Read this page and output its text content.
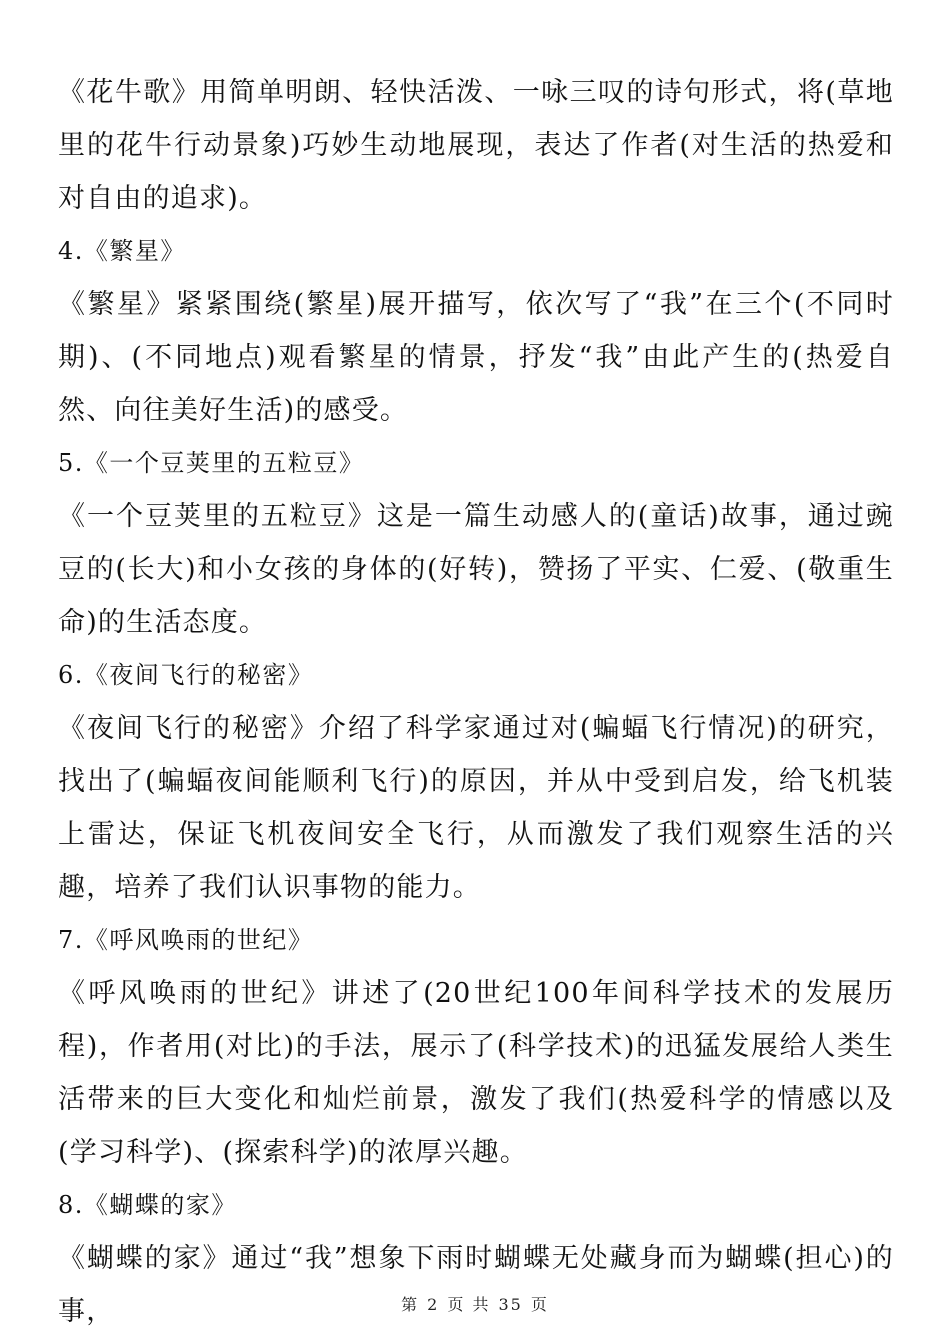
《花牛歌》用简单明朗、轻快活泼、一咏三叹的诗句形式，将(草地里的花牛行动景象)巧妙生动地展现，表达了作者(对生活的热爱和对自由的追求)。

4.《繁星》

《繁星》紧紧围绕(繁星)展开描写，依次写了“我”在三个(不同时期)、(不同地点)观看繁星的情景，抒发“我”由此产生的(热爱自然、向往美好生活)的感受。

5.《一个豆荚里的五粒豆》

《一个豆荚里的五粒豆》这是一篇生动感人的(童话)故事，通过豌豆的(长大)和小女孩的身体的(好转)，赞扬了平实、仁爱、(敬重生命)的生活态度。

6.《夜间飞行的秘密》

《夜间飞行的秘密》介绍了科学家通过对(蝙蝠飞行情况)的研究，找出了(蝙蝠夜间能顺利飞行)的原因，并从中受到启发，给飞机装上雷达，保证飞机夜间安全飞行，从而激发了我们观察生活的兴趣，培养了我们认识事物的能力。

7.《呼风唤雨的世纪》

《呼风唤雨的世纪》讲述了(20世纪100年间科学技术的发展历程)，作者用(对比)的手法，展示了(科学技术)的迅猛发展给人类生活带来的巨大变化和灿烂前景，激发了我们(热爱科学的情感以及(学习科学)、(探索科学)的浓厚兴趣。

8.《蝴蝶的家》

《蝴蝶的家》通过“我”想象下雨时蝴蝶无处藏身而为蝴蝶(担心)的事，	第 2 页 共 35 页
